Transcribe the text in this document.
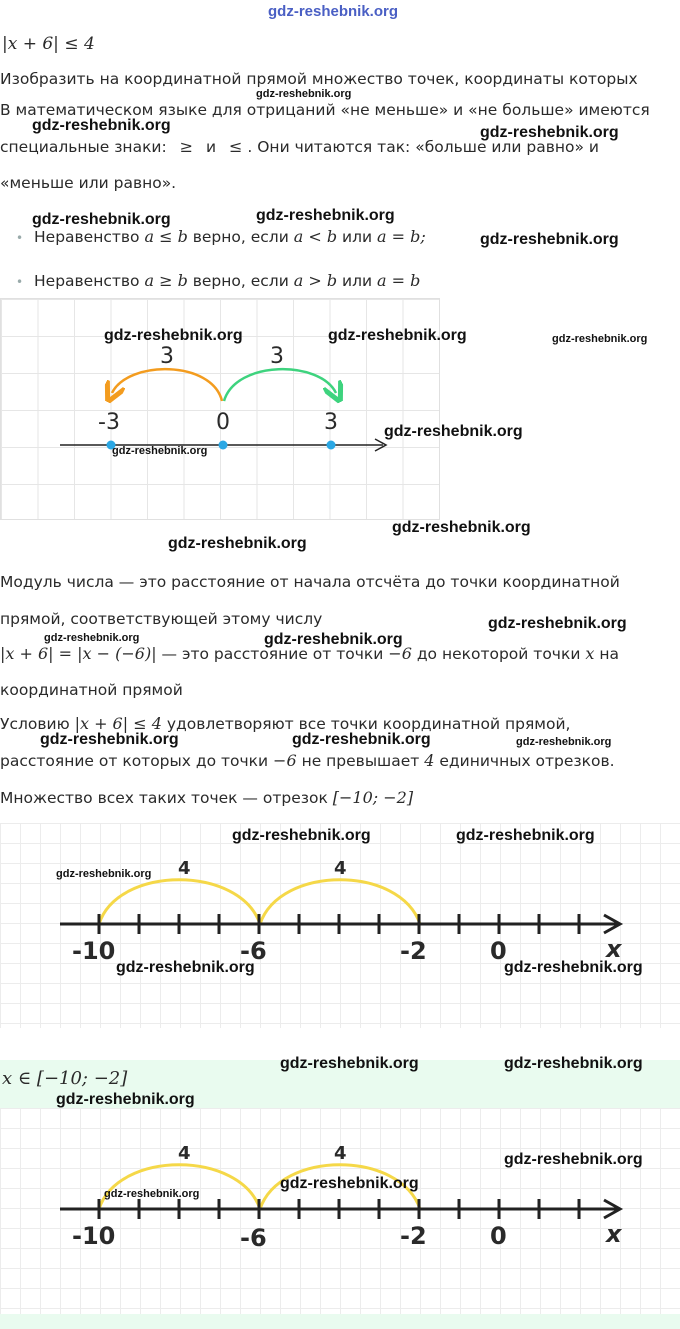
gdz-reshebnik.org
|x + 6| ≤ 4
Изобразить на координатной прямой множество точек, координаты которых
gdz-reshebnik.org
В математическом языке для отрицаний «не меньше» и «не больше» имеются
gdz-reshebnik.org	gdz-reshebnik.org
специальные знаки: ≥ и ≤ . Они читаются так: «больше или равно» и
«меньше или равно».
gdz-reshebnik.org	gdz-reshebnik.org
gdz-reshebnik.org
• Неравенство a ≤ b верно, если a < b или a = b;
• Неравенство a ≥ b верно, если a > b или a = b
3	3
-3	0	3
gdz-reshebnik.org	gdz-reshebnik.org	gdz-reshebnik.org
gdz-reshebnik.org
gdz-reshebnik.org
gdz-reshebnik.org
gdz-reshebnik.org
Модуль числа — это расстояние от начала отсчёта до точки координатной
прямой, соответствующей этому числу	gdz-reshebnik.org
gdz-reshebnik.org	gdz-reshebnik.org
|x + 6| = |x − (−6)| — это расстояние от точки −6 до некоторой точки x на
координатной прямой
Условию |x + 6| ≤ 4 удовлетворяют все точки координатной прямой,
gdz-reshebnik.org	gdz-reshebnik.org	gdz-reshebnik.org
расстояние от которых до точки −6 не превышает 4 единичных отрезков.
Множество всех таких точек — отрезок [−10; −2]
4	4
-10	-6	-2	0	x
gdz-reshebnik.org	gdz-reshebnik.org
gdz-reshebnik.org
gdz-reshebnik.org	gdz-reshebnik.org
x ∈ [−10; −2]
gdz-reshebnik.org	gdz-reshebnik.org
gdz-reshebnik.org
4	4
-10	-6	-2	0	x
gdz-reshebnik.org
gdz-reshebnik.org
gdz-reshebnik.org
